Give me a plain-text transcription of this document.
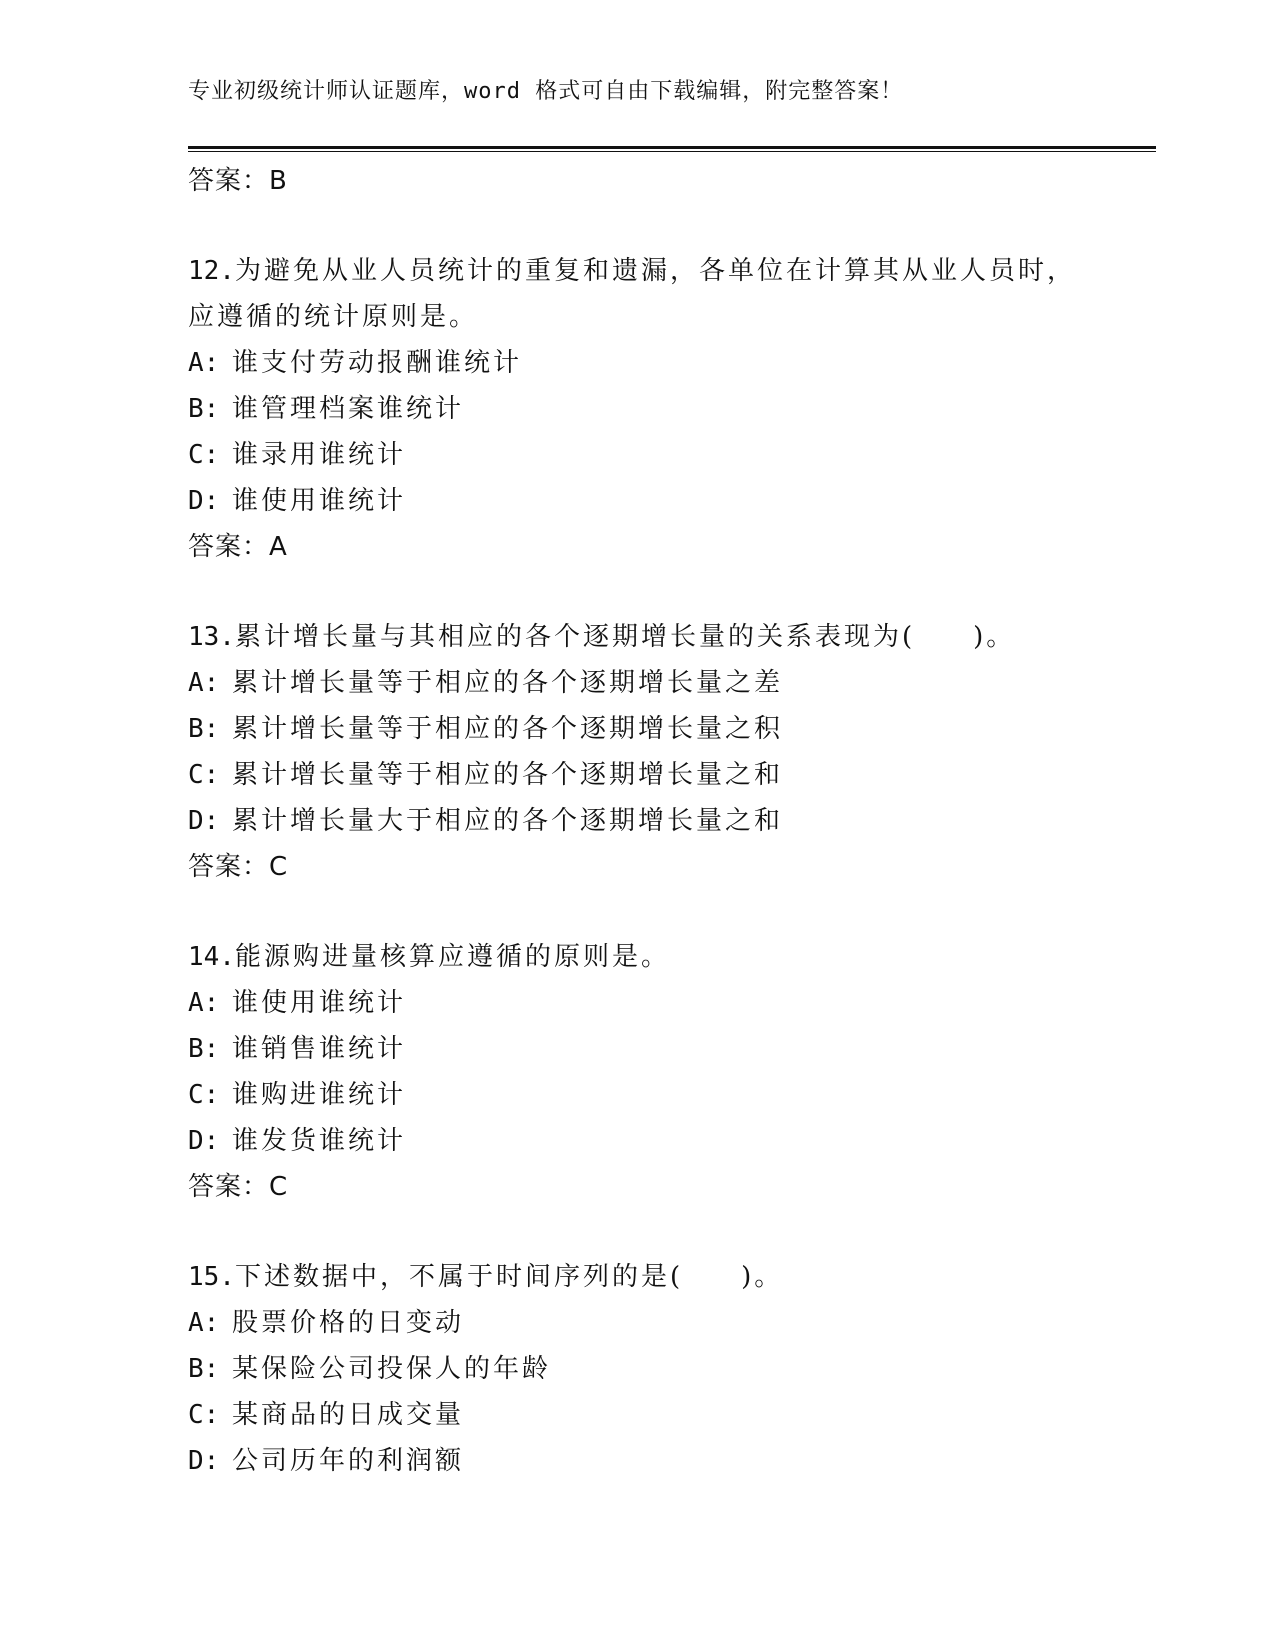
专业初级统计师认证题库，word 格式可自由下载编辑，附完整答案！
答案：B
12.为避免从业人员统计的重复和遗漏，各单位在计算其从业人员时，
应遵循的统计原则是。
A: 谁支付劳动报酬谁统计
B: 谁管理档案谁统计
C: 谁录用谁统计
D: 谁使用谁统计
答案：A
13.累计增长量与其相应的各个逐期增长量的关系表现为(　　)。
A: 累计增长量等于相应的各个逐期增长量之差
B: 累计增长量等于相应的各个逐期增长量之积
C: 累计增长量等于相应的各个逐期增长量之和
D: 累计增长量大于相应的各个逐期增长量之和
答案：C
14.能源购进量核算应遵循的原则是。
A: 谁使用谁统计
B: 谁销售谁统计
C: 谁购进谁统计
D: 谁发货谁统计
答案：C
15.下述数据中，不属于时间序列的是(　　)。
A: 股票价格的日变动
B: 某保险公司投保人的年龄
C: 某商品的日成交量
D: 公司历年的利润额
